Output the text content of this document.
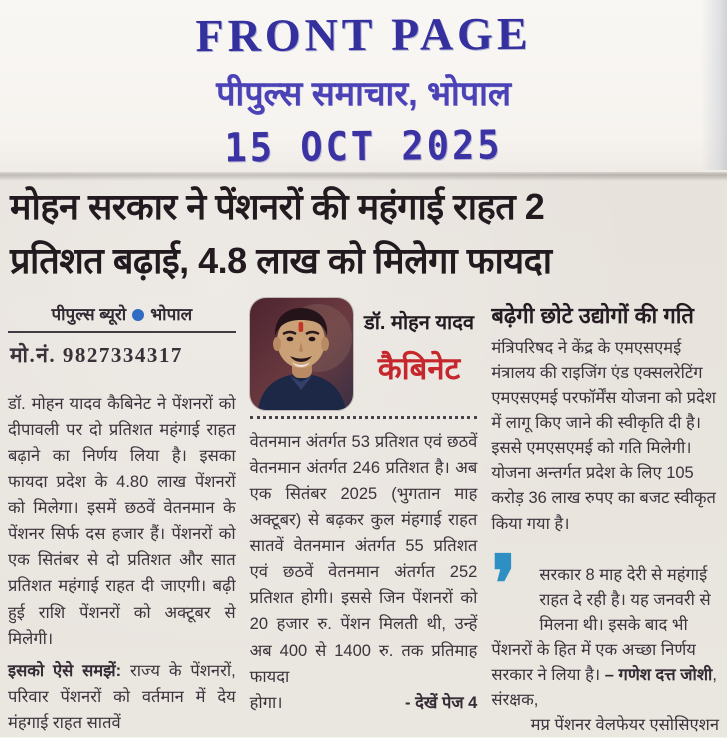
FRONT PAGE
पीपुल्स समाचार, भोपाल
15 OCT 2025
मोहन सरकार ने पेंशनरों की महंगाई राहत 2
प्रतिशत बढ़ाई, 4.8 लाख को मिलेगा फायदा
पीपुल्स ब्यूरो भोपाल
मो.नं. 9827334317

डॉ. मोहन यादव कैबिनेट ने पेंशनरों को दीपावली पर दो प्रतिशत महंगाई राहत बढ़ाने का निर्णय लिया है। इसका फायदा प्रदेश के 4.80 लाख पेंशनरों को मिलेगा। इसमें छठवें वेतनमान के पेंशनर सिर्फ दस हजार हैं। पेंशनरों को एक सितंबर से दो प्रतिशत और सात प्रतिशत महंगाई राहत दी जाएगी। बढ़ी हुई राशि पेंशनरों को अक्टूबर से मिलेगी।

इसको ऐसे समझें: राज्य के पेंशनरों, परिवार पेंशनरों को वर्तमान में देय मंहगाई राहत सातवें

डॉ. मोहन यादव
कैबिनेट

वेतनमान अंतर्गत 53 प्रतिशत एवं छठवें वेतनमान अंतर्गत 246 प्रतिशत है। अब एक सितंबर 2025 (भुगतान माह अक्टूबर) से बढ़कर कुल मंहगाई राहत सातवें वेतनमान अंतर्गत 55 प्रतिशत एवं छठवें वेतनमान अंतर्गत 252 प्रतिशत होगी। इससे जिन पेंशनरों को 20 हजार रु. पेंशन मिलती थी, उन्हें अब 400 से 1400 रु. तक प्रतिमाह फायदा

होगा।	- देखें पेज 4
बढ़ेगी छोटे उद्योगों की गति

मंत्रिपरिषद ने केंद्र के एमएसएमई मंत्रालय की राइजिंग एंड एक्सलरेटिंग एमएसएमई परफॉर्मेंस योजना को प्रदेश में लागू किए जाने की स्वीकृति दी है। इससे एमएसएमई को गति मिलेगी। योजना अन्तर्गत प्रदेश के लिए 105 करोड़ 36 लाख रुपए का बजट स्वीकृत किया गया है।

❜	सरकार 8 माह देरी से महंगाई राहत दे रही है। यह जनवरी से मिलना थी। इसके बाद भी पेंशनरों के हित में एक अच्छा निर्णय सरकार ने लिया है। – गणेश दत्त जोशी, संरक्षक,
मप्र पेंशनर वेलफेयर एसोसिएशन
